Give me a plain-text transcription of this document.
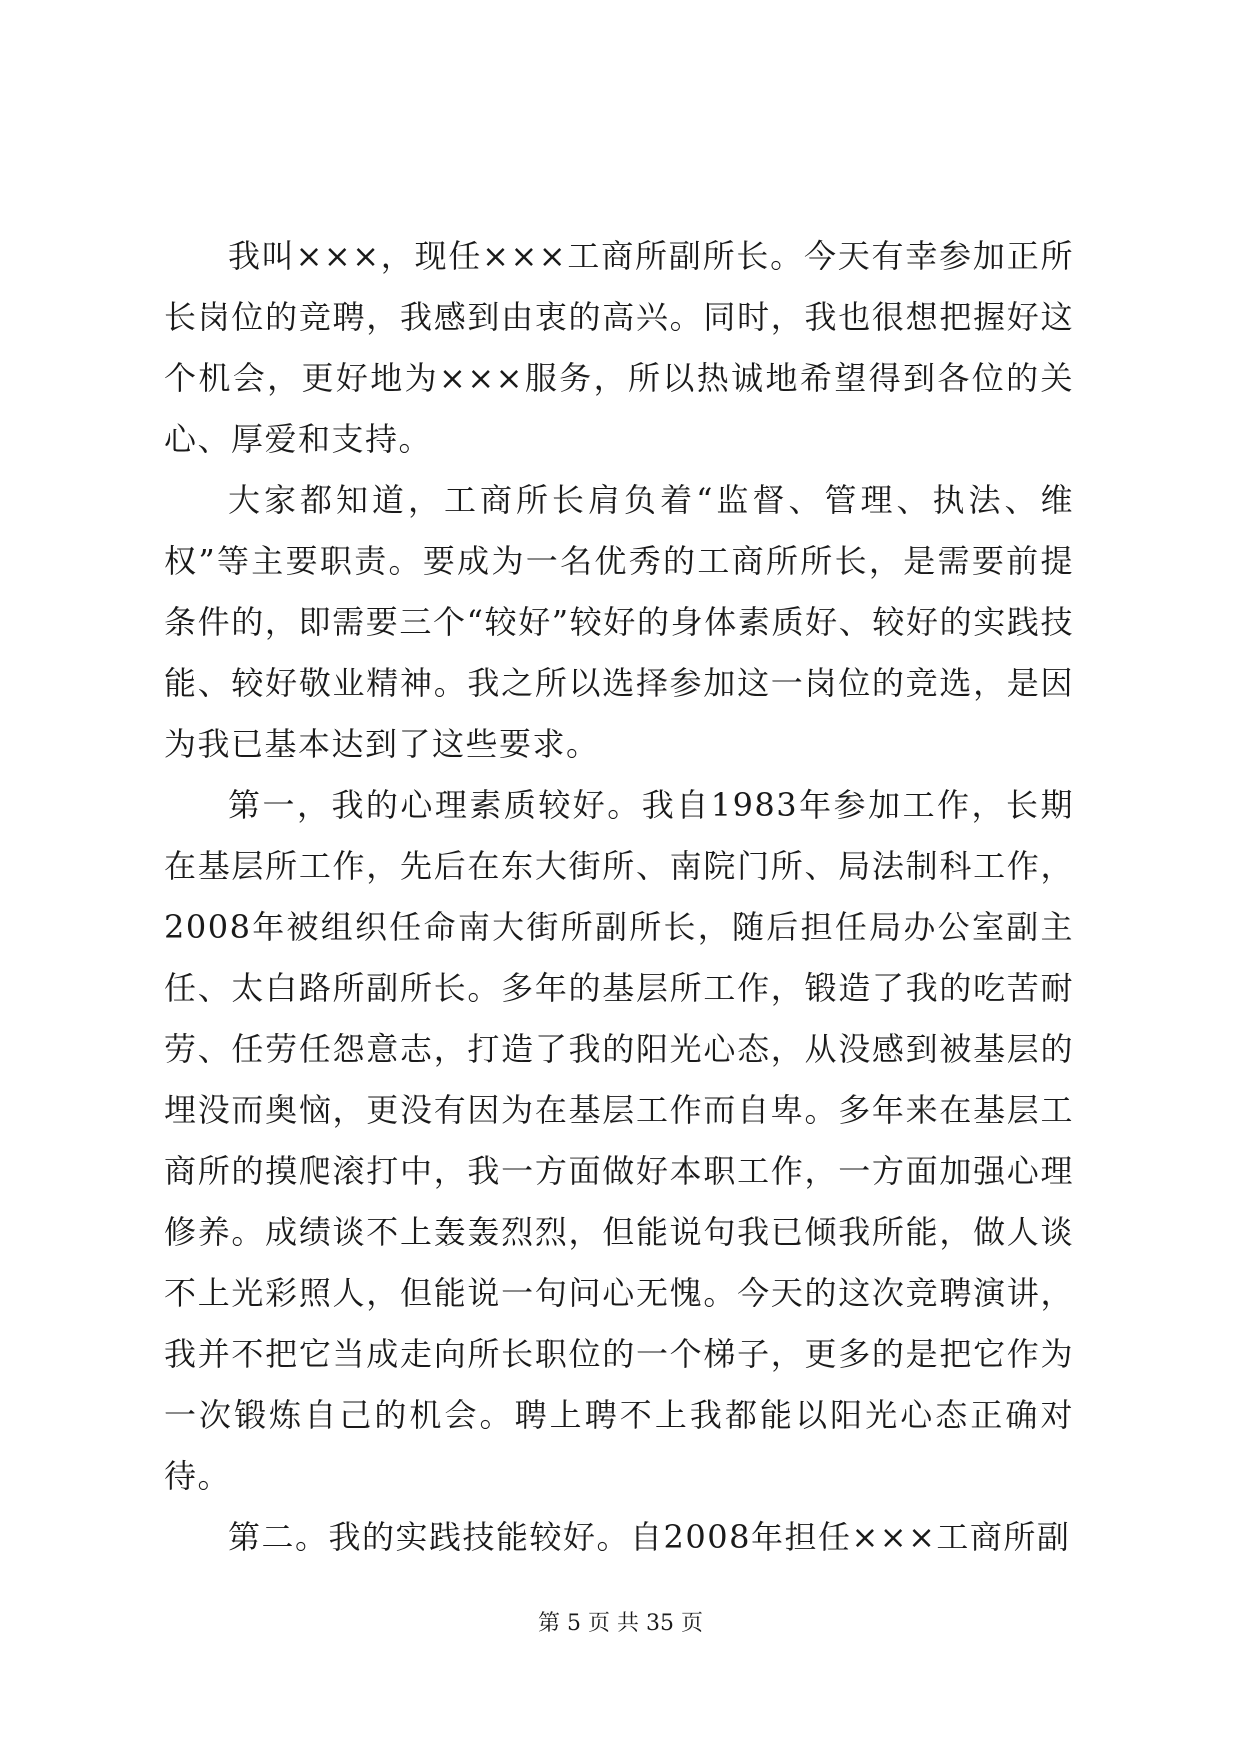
我叫×××，现任×××工商所副所长。今天有幸参加正所长岗位的竞聘，我感到由衷的高兴。同时，我也很想把握好这个机会，更好地为×××服务，所以热诚地希望得到各位的关心、厚爱和支持。

大家都知道，工商所长肩负着“监督、管理、执法、维权”等主要职责。要成为一名优秀的工商所所长，是需要前提条件的，即需要三个“较好”较好的身体素质好、较好的实践技能、较好敬业精神。我之所以选择参加这一岗位的竞选，是因为我已基本达到了这些要求。

第一，我的心理素质较好。我自1983年参加工作，长期在基层所工作，先后在东大街所、南院门所、局法制科工作，2008年被组织任命南大街所副所长，随后担任局办公室副主任、太白路所副所长。多年的基层所工作，锻造了我的吃苦耐劳、任劳任怨意志，打造了我的阳光心态，从没感到被基层的埋没而奥恼，更没有因为在基层工作而自卑。多年来在基层工商所的摸爬滚打中，我一方面做好本职工作，一方面加强心理修养。成绩谈不上轰轰烈烈，但能说句我已倾我所能，做人谈不上光彩照人，但能说一句问心无愧。今天的这次竞聘演讲，我并不把它当成走向所长职位的一个梯子，更多的是把它作为一次锻炼自己的机会。聘上聘不上我都能以阳光心态正确对待。

第二。我的实践技能较好。自2008年担任×××工商所副

第 5 页 共 35 页
